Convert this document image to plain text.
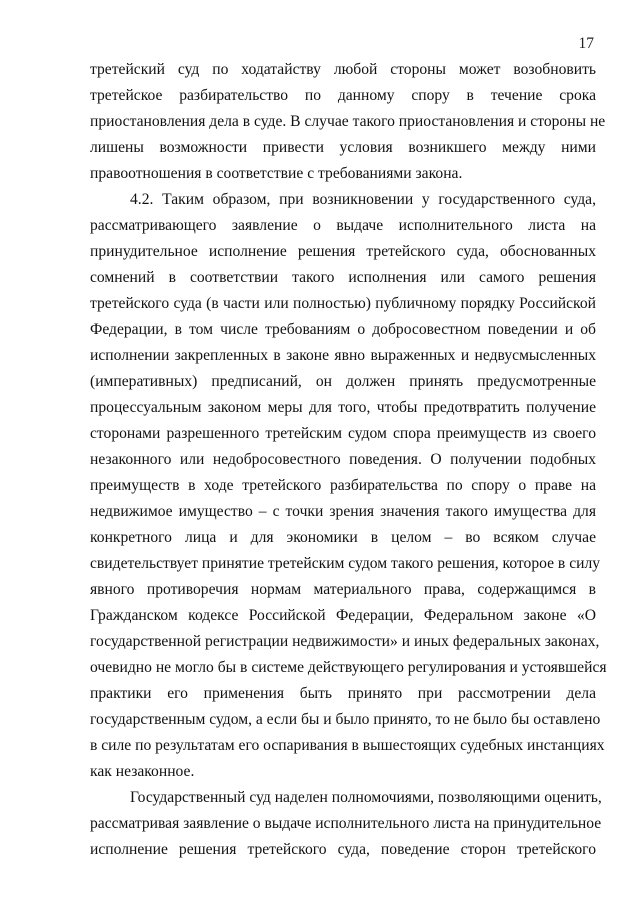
17
третейский суд по ходатайству любой стороны может возобновить
третейское разбирательство по данному спору в течение срока
приостановления дела в суде. В случае такого приостановления и стороны не
лишены возможности привести условия возникшего между ними
правоотношения в соответствие с требованиями закона.
4.2. Таким образом, при возникновении у государственного суда,
рассматривающего заявление о выдаче исполнительного листа на
принудительное исполнение решения третейского суда, обоснованных
сомнений в соответствии такого исполнения или самого решения
третейского суда (в части или полностью) публичному порядку Российской
Федерации, в том числе требованиям о добросовестном поведении и об
исполнении закрепленных в законе явно выраженных и недвусмысленных
(императивных) предписаний, он должен принять предусмотренные
процессуальным законом меры для того, чтобы предотвратить получение
сторонами разрешенного третейским судом спора преимуществ из своего
незаконного или недобросовестного поведения. О получении подобных
преимуществ в ходе третейского разбирательства по спору о праве на
недвижимое имущество – с точки зрения значения такого имущества для
конкретного лица и для экономики в целом – во всяком случае
свидетельствует принятие третейским судом такого решения, которое в силу
явного противоречия нормам материального права, содержащимся в
Гражданском кодексе Российской Федерации, Федеральном законе «О
государственной регистрации недвижимости» и иных федеральных законах,
очевидно не могло бы в системе действующего регулирования и устоявшейся
практики его применения быть принято при рассмотрении дела
государственным судом, а если бы и было принято, то не было бы оставлено
в силе по результатам его оспаривания в вышестоящих судебных инстанциях
как незаконное.
Государственный суд наделен полномочиями, позволяющими оценить,
рассматривая заявление о выдаче исполнительного листа на принудительное
исполнение решения третейского суда, поведение сторон третейского
